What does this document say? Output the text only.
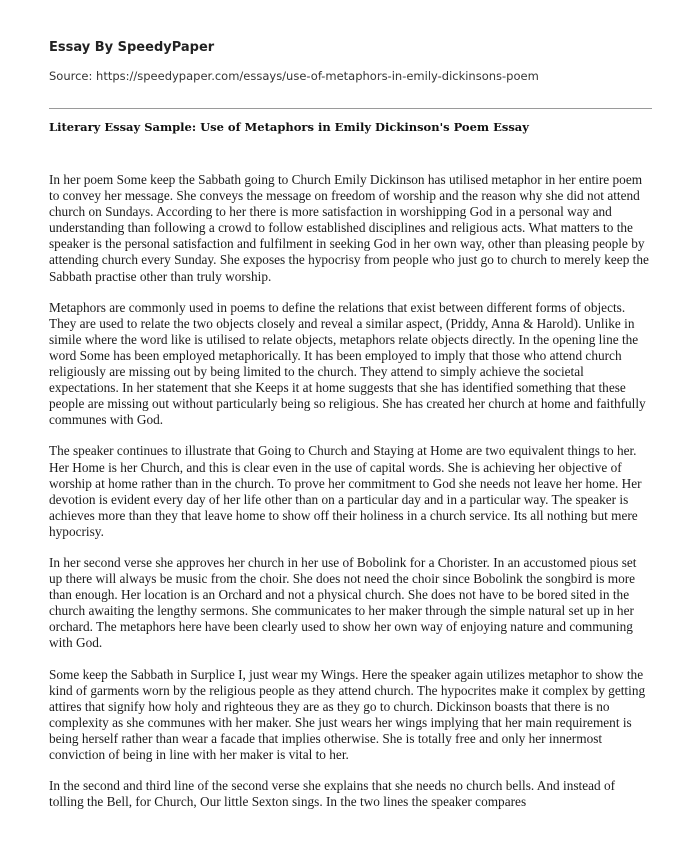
Essay By SpeedyPaper

Source: https://speedypaper.com/essays/use-of-metaphors-in-emily-dickinsons-poem

Literary Essay Sample: Use of Metaphors in Emily Dickinson's Poem Essay

In her poem Some keep the Sabbath going to Church Emily Dickinson has utilised metaphor in her entire poem to convey her message. She conveys the message on freedom of worship and the reason why she did not attend church on Sundays. According to her there is more satisfaction in worshipping God in a personal way and understanding than following a crowd to follow established disciplines and religious acts. What matters to the speaker is the personal satisfaction and fulfilment in seeking God in her own way, other than pleasing people by attending church every Sunday. She exposes the hypocrisy from people who just go to church to merely keep the Sabbath practise other than truly worship.

Metaphors are commonly used in poems to define the relations that exist between different forms of objects. They are used to relate the two objects closely and reveal a similar aspect, (Priddy, Anna & Harold). Unlike in simile where the word like is utilised to relate objects, metaphors relate objects directly. In the opening line the word Some has been employed metaphorically. It has been employed to imply that those who attend church religiously are missing out by being limited to the church. They attend to simply achieve the societal expectations. In her statement that she Keeps it at home suggests that she has identified something that these people are missing out without particularly being so religious. She has created her church at home and faithfully communes with God.

The speaker continues to illustrate that Going to Church and Staying at Home are two equivalent things to her. Her Home is her Church, and this is clear even in the use of capital words. She is achieving her objective of worship at home rather than in the church. To prove her commitment to God she needs not leave her home. Her devotion is evident every day of her life other than on a particular day and in a particular way. The speaker is achieves more than they that leave home to show off their holiness in a church service. Its all nothing but mere hypocrisy.

In her second verse she approves her church in her use of Bobolink for a Chorister. In an accustomed pious set up there will always be music from the choir. She does not need the choir since Bobolink the songbird is more than enough. Her location is an Orchard and not a physical church. She does not have to be bored sited in the church awaiting the lengthy sermons. She communicates to her maker through the simple natural set up in her orchard. The metaphors here have been clearly used to show her own way of enjoying nature and communing with God.

Some keep the Sabbath in Surplice I, just wear my Wings. Here the speaker again utilizes metaphor to show the kind of garments worn by the religious people as they attend church. The hypocrites make it complex by getting attires that signify how holy and righteous they are as they go to church. Dickinson boasts that there is no complexity as she communes with her maker. She just wears her wings implying that her main requirement is being herself rather than wear a facade that implies otherwise. She is totally free and only her innermost conviction of being in line with her maker is vital to her.

In the second and third line of the second verse she explains that she needs no church bells. And instead of tolling the Bell, for Church, Our little Sexton sings. In the two lines the speaker compares
